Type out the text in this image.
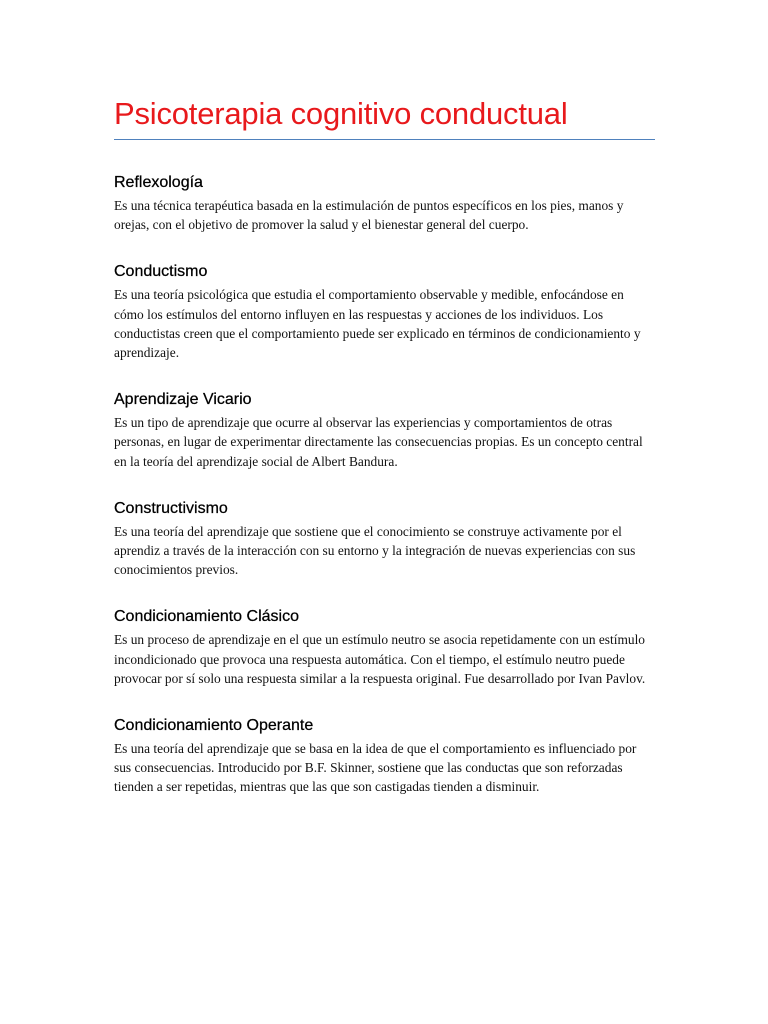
Psicoterapia cognitivo conductual
Reflexología

Es una técnica terapéutica basada en la estimulación de puntos específicos en los pies, manos y orejas, con el objetivo de promover la salud y el bienestar general del cuerpo.

Conductismo

Es una teoría psicológica que estudia el comportamiento observable y medible, enfocándose en cómo los estímulos del entorno influyen en las respuestas y acciones de los individuos. Los conductistas creen que el comportamiento puede ser explicado en términos de condicionamiento y aprendizaje.

Aprendizaje Vicario

Es un tipo de aprendizaje que ocurre al observar las experiencias y comportamientos de otras personas, en lugar de experimentar directamente las consecuencias propias. Es un concepto central en la teoría del aprendizaje social de Albert Bandura.

Constructivismo

Es una teoría del aprendizaje que sostiene que el conocimiento se construye activamente por el aprendiz a través de la interacción con su entorno y la integración de nuevas experiencias con sus conocimientos previos.

Condicionamiento Clásico

Es un proceso de aprendizaje en el que un estímulo neutro se asocia repetidamente con un estímulo incondicionado que provoca una respuesta automática. Con el tiempo, el estímulo neutro puede provocar por sí solo una respuesta similar a la respuesta original. Fue desarrollado por Ivan Pavlov.

Condicionamiento Operante

Es una teoría del aprendizaje que se basa en la idea de que el comportamiento es influenciado por sus consecuencias. Introducido por B.F. Skinner, sostiene que las conductas que son reforzadas tienden a ser repetidas, mientras que las que son castigadas tienden a disminuir.
